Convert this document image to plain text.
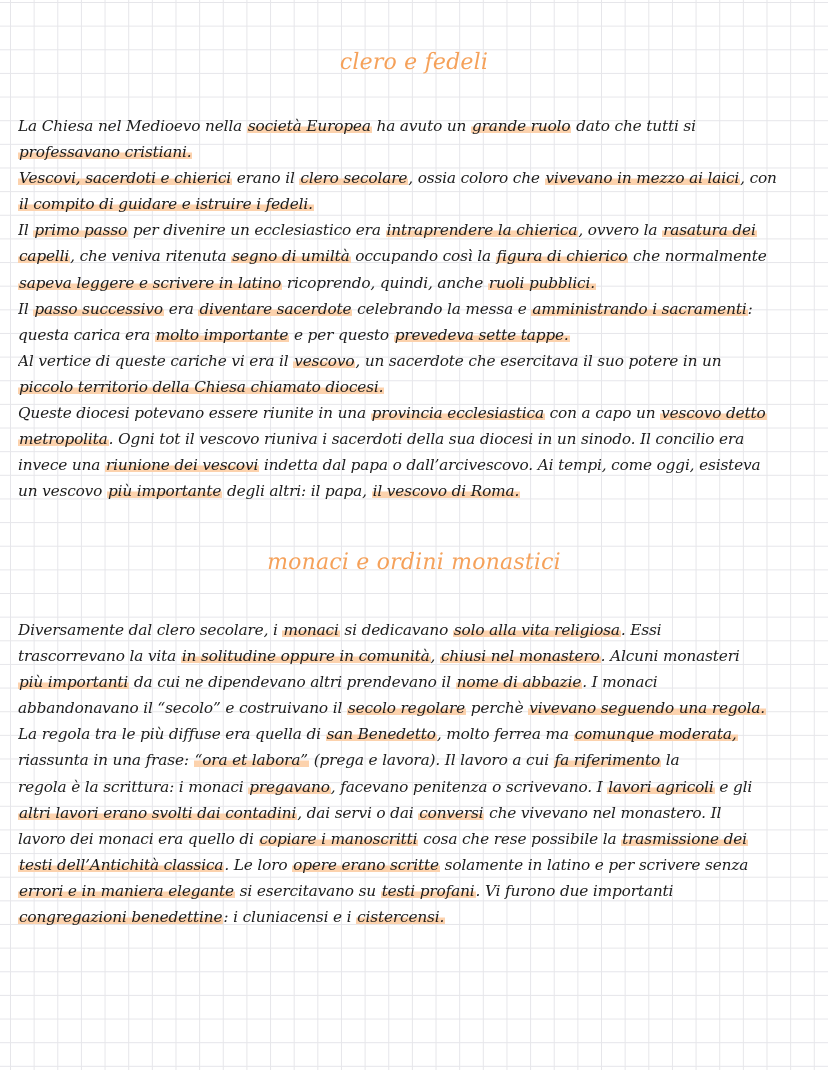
clero e fedeli
La Chiesa nel Medioevo nella società Europea ha avuto un grande ruolo dato che tutti si
professavano cristiani.
Vescovi, sacerdoti e chierici erano il clero secolare, ossia coloro che vivevano in mezzo ai laici, con
il compito di guidare e istruire i fedeli.
Il primo passo per divenire un ecclesiastico era intraprendere la chierica, ovvero la rasatura dei
capelli, che veniva ritenuta segno di umiltà occupando così la figura di chierico che normalmente
sapeva leggere e scrivere in latino ricoprendo, quindi, anche ruoli pubblici.
Il passo successivo era diventare sacerdote celebrando la messa e amministrando i sacramenti:
questa carica era molto importante e per questo prevedeva sette tappe.
Al vertice di queste cariche vi era il vescovo, un sacerdote che esercitava il suo potere in un
piccolo territorio della Chiesa chiamato diocesi.
Queste diocesi potevano essere riunite in una provincia ecclesiastica con a capo un vescovo detto
metropolita. Ogni tot il vescovo riuniva i sacerdoti della sua diocesi in un sinodo. Il concilio era
invece una riunione dei vescovi indetta dal papa o dall’arcivescovo. Ai tempi, come oggi, esisteva
un vescovo più importante degli altri: il papa, il vescovo di Roma.
monaci e ordini monastici
Diversamente dal clero secolare, i monaci si dedicavano solo alla vita religiosa. Essi
trascorrevano la vita in solitudine oppure in comunità, chiusi nel monastero. Alcuni monasteri
più importanti da cui ne dipendevano altri prendevano il nome di abbazie. I monaci
abbandonavano il “secolo” e costruivano il secolo regolare perchè vivevano seguendo una regola.
La regola tra le più diffuse era quella di san Benedetto, molto ferrea ma comunque moderata,
riassunta in una frase: “ora et labora” (prega e lavora). Il lavoro a cui fa riferimento la
regola è la scrittura: i monaci pregavano, facevano penitenza o scrivevano. I lavori agricoli e gli
altri lavori erano svolti dai contadini, dai servi o dai conversi che vivevano nel monastero. Il
lavoro dei monaci era quello di copiare i manoscritti cosa che rese possibile la trasmissione dei
testi dell’Antichità classica. Le loro opere erano scritte solamente in latino e per scrivere senza
errori e in maniera elegante si esercitavano su testi profani. Vi furono due importanti
congregazioni benedettine: i cluniacensi e i cistercensi.
